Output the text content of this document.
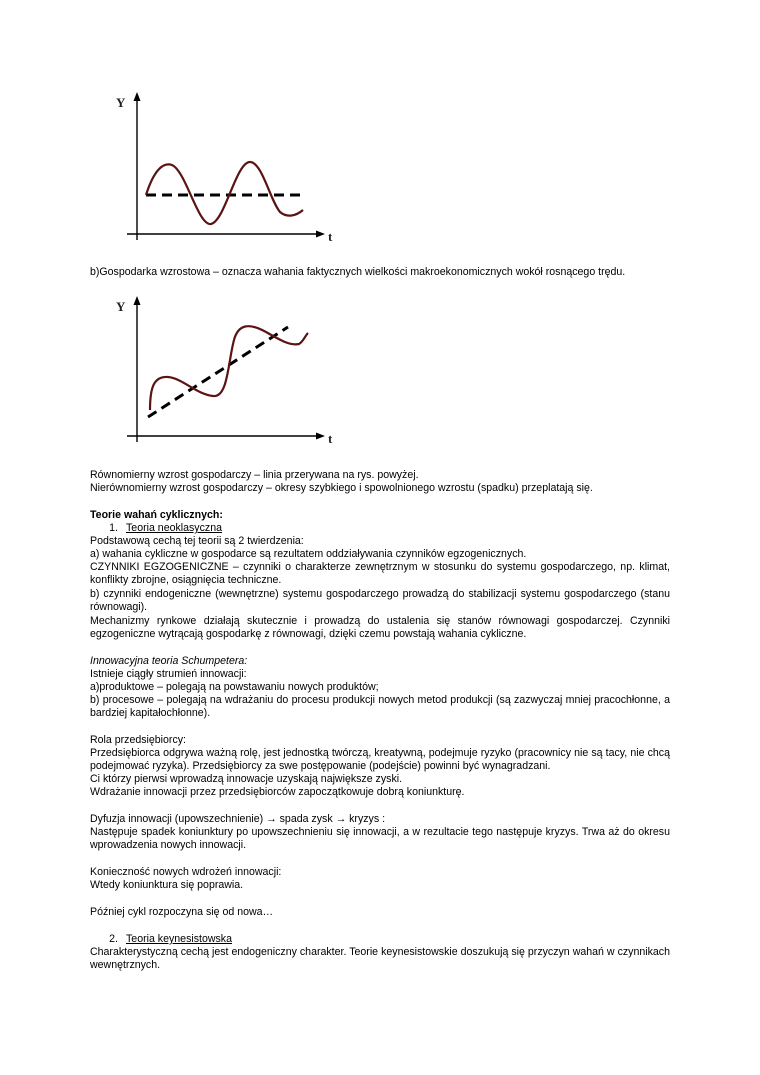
Y
t

b)Gospodarka wzrostowa – oznacza wahania faktycznych wielkości makroekonomicznych wokół rosnącego trędu.

Y
t

Równomierny wzrost gospodarczy – linia przerywana na rys. powyżej.

Nierównomierny wzrost gospodarczy – okresy szybkiego i spowolnionego wzrostu (spadku) przeplatają się.

Teorie wahań cyklicznych:

1. Teoria neoklasyczna

Podstawową cechą tej teorii są 2 twierdzenia:

a) wahania cykliczne w gospodarce są rezultatem oddziaływania czynników egzogenicznych.

CZYNNIKI EGZOGENICZNE – czynniki o charakterze zewnętrznym w stosunku do systemu gospodarczego, np. klimat, konflikty zbrojne, osiągnięcia techniczne.

b) czynniki endogeniczne (wewnętrzne) systemu gospodarczego prowadzą do stabilizacji systemu gospodarczego (stanu równowagi).

Mechanizmy rynkowe działają skutecznie i prowadzą do ustalenia się stanów równowagi gospodarczej. Czynniki egzogeniczne wytrącają gospodarkę z równowagi, dzięki czemu powstają wahania cykliczne.

Innowacyjna teoria Schumpetera:

Istnieje ciągły strumień innowacji:

a)produktowe – polegają na powstawaniu nowych produktów;

b) procesowe – polegają na wdrażaniu do procesu produkcji nowych metod produkcji (są zazwyczaj mniej pracochłonne, a bardziej kapitałochłonne).

Rola przedsiębiorcy:

Przedsiębiorca odgrywa ważną rolę, jest jednostką twórczą, kreatywną, podejmuje ryzyko (pracownicy nie są tacy, nie chcą podejmować ryzyka). Przedsiębiorcy za swe postępowanie (podejście) powinni być wynagradzani.

Ci którzy pierwsi wprowadzą innowacje uzyskają największe zyski.

Wdrażanie innowacji przez przedsiębiorców zapoczątkowuje dobrą koniunkturę.

Dyfuzja innowacji (upowszechnienie) → spada zysk → kryzys :

Następuje spadek koniunktury po upowszechnieniu się innowacji, a w rezultacie tego następuje kryzys. Trwa aż do okresu wprowadzenia nowych innowacji.

Konieczność nowych wdrożeń innowacji:

Wtedy koniunktura się poprawia.

Później cykl rozpoczyna się od nowa…

2. Teoria keynesistowska

Charakterystyczną cechą jest endogeniczny charakter. Teorie keynesistowskie doszukują się przyczyn wahań w czynnikach wewnętrznych.
